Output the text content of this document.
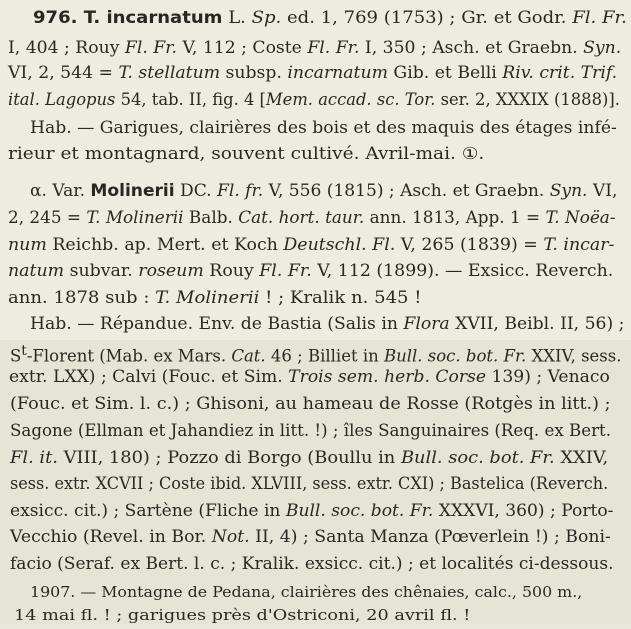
976. T. incarnatum L. Sp. ed. 1, 769 (1753) ; Gr. et Godr. Fl. Fr.
I, 404 ; Rouy Fl. Fr. V, 112 ; Coste Fl. Fr. I, 350 ; Asch. et Graebn. Syn.
VI, 2, 544 = T. stellatum subsp. incarnatum Gib. et Belli Riv. crit. Trif.
ital. Lagopus 54, tab. II, fig. 4 [Mem. accad. sc. Tor. ser. 2, XXXIX (1888)].
Hab. — Garigues, clairières des bois et des maquis des étages infé-
rieur et montagnard, souvent cultivé. Avril-mai. ①.
α. Var. Molinerii DC. Fl. fr. V, 556 (1815) ; Asch. et Graebn. Syn. VI,
2, 245 = T. Molinerii Balb. Cat. hort. taur. ann. 1813, App. 1 = T. Noëa-
num Reichb. ap. Mert. et Koch Deutschl. Fl. V, 265 (1839) = T. incar-
natum subvar. roseum Rouy Fl. Fr. V, 112 (1899). — Exsicc. Reverch.
ann. 1878 sub : T. Molinerii ! ; Kralik n. 545 !
Hab. — Répandue. Env. de Bastia (Salis in Flora XVII, Beibl. II, 56) ;
$S^t$-Florent (Mab. ex Mars. Cat. 46 ; Billiet in Bull. soc. bot. Fr. XXIV, sess.
extr. LXX) ; Calvi (Fouc. et Sim. Trois sem. herb. Corse 139) ; Venaco
(Fouc. et Sim. l. c.) ; Ghisoni, au hameau de Rosse (Rotgès in litt.) ;
Sagone (Ellman et Jahandiez in litt. !) ; îles Sanguinaires (Req. ex Bert.
Fl. it. VIII, 180) ; Pozzo di Borgo (Boullu in Bull. soc. bot. Fr. XXIV,
sess. extr. XCVII ; Coste ibid. XLVIII, sess. extr. CXI) ; Bastelica (Reverch.
exsicc. cit.) ; Sartène (Fliche in Bull. soc. bot. Fr. XXXVI, 360) ; Porto-
Vecchio (Revel. in Bor. Not. II, 4) ; Santa Manza (Pœverlein !) ; Boni-
facio (Seraf. ex Bert. l. c. ; Kralik. exsicc. cit.) ; et localités ci-dessous.
1907. — Montagne de Pedana, clairières des chênaies, calc., 500 m.,
14 mai fl. ! ; garigues près d'Ostriconi, 20 avril fl. !
